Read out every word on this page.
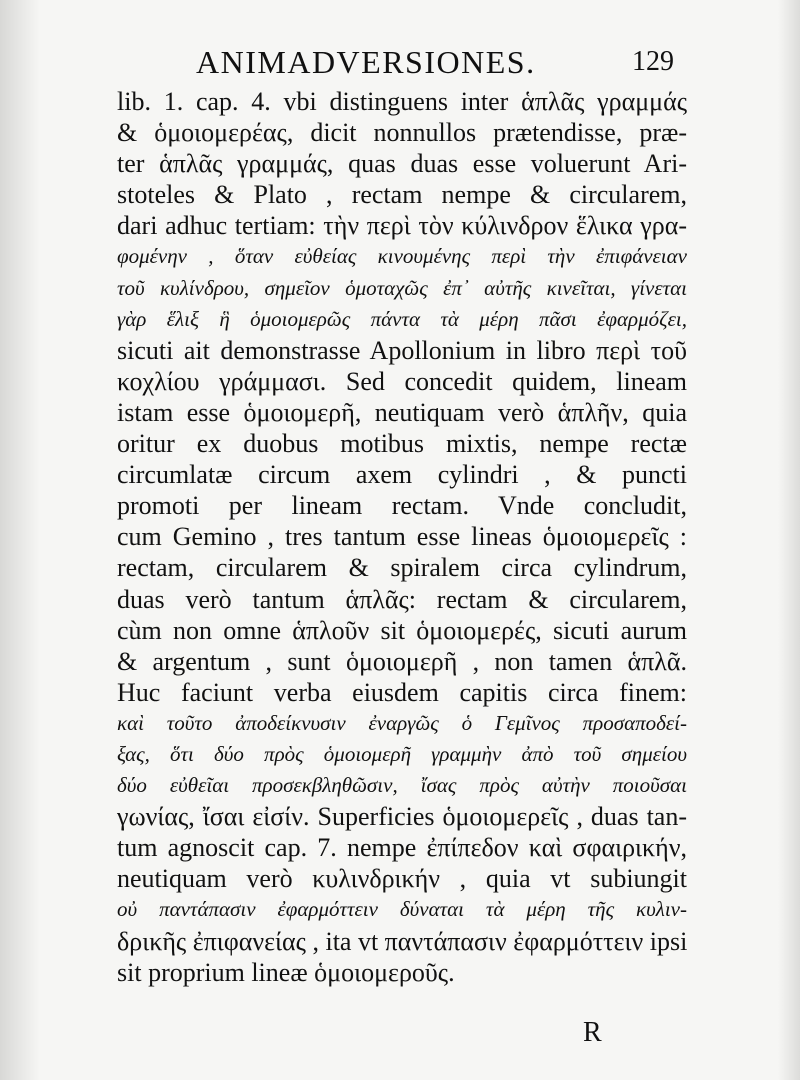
ANIMADVERSIONES.	129
lib. 1. cap. 4. vbi distinguens inter ἁπλᾶς γραμμάς
& ὁμοιομερέας, dicit nonnullos prætendisse, præ-
ter ἁπλᾶς γραμμάς, quas duas esse voluerunt Ari-
stoteles & Plato , rectam nempe & circularem,
dari adhuc tertiam: τὴν περὶ τὸν κύλινδρον ἕλικα γρα-
φομένην , ὅταν εὐθείας κινουμένης περὶ τὴν ἐπιφάνειαν
τοῦ κυλίνδρου, σημεῖον ὁμοταχῶς ἐπ᾽ αὐτῆς κινεῖται, γίνεται
γὰρ ἕλιξ ἣ ὁμοιομερῶς πάντα τὰ μέρη πᾶσι ἐφαρμόζει,
sicuti ait demonstrasse Apollonium in libro περὶ τοῦ
κοχλίου γράμμασι. Sed concedit quidem, lineam
istam esse ὁμοιομερῆ, neutiquam verò ἁπλῆν, quia
oritur ex duobus motibus mixtis, nempe rectæ
circumlatæ circum axem cylindri , & puncti
promoti per lineam rectam. Vnde concludit,
cum Gemino , tres tantum esse lineas ὁμοιομερεῖς :
rectam, circularem & spiralem circa cylindrum,
duas verò tantum ἁπλᾶς: rectam & circularem,
cùm non omne ἁπλοῦν sit ὁμοιομερές, sicuti aurum
& argentum , sunt ὁμοιομερῆ , non tamen ἁπλᾶ.
Huc faciunt verba eiusdem capitis circa finem:
καὶ τοῦτο ἀποδείκνυσιν ἐναργῶς ὁ Γεμῖνος προσαποδεί-
ξας, ὅτι δύο πρὸς ὁμοιομερῆ γραμμὴν ἀπὸ τοῦ σημείου
δύο εὐθεῖαι προσεκβληθῶσιν, ἴσας πρὸς αὐτὴν ποιοῦσαι
γωνίας, ἴσαι εἰσίν. Superficies ὁμοιομερεῖς , duas tan-
tum agnoscit cap. 7. nempe ἐπίπεδον καὶ σφαιρικήν,
neutiquam verò κυλινδρικήν , quia vt subiungit
οὐ παντάπασιν ἐφαρμόττειν δύναται τὰ μέρη τῆς κυλιν-
δρικῆς ἐπιφανείας , ita vt παντάπασιν ἐφαρμόττειν ipsi
sit proprium lineæ ὁμοιομεροῦς.
R
